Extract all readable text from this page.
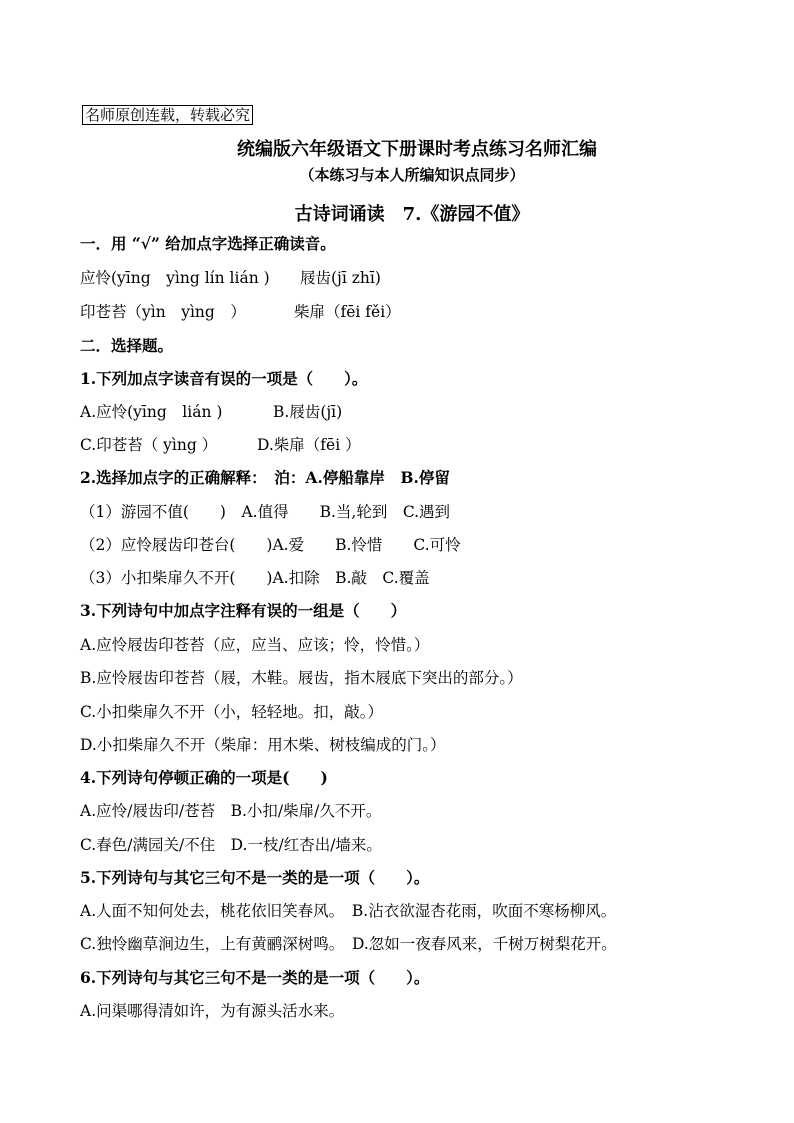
名师原创连载，转载必究
统编版六年级语文下册课时考点练习名师汇编
（本练习与本人所编知识点同步）
古诗词诵读　7.《游园不值》
一．用 “√” 给加点字选择正确读音。
应怜(yīng　yìng lín lián ) 屐齿(jī zhī)
印苍苔（yìn　yìng　）	柴扉（fēi fěi）
二．选择题。
1.下列加点字读音有误的一项是（　　）。
A.应怜(yīng　lián )	B.屐齿(jī)
C.印苍苔（ yìng ）	D.柴扉（fēi ）
2.选择加点字的正确解释：　泊：A.停船靠岸　B.停留
（1）游园不值(　　)　A.值得　　B.当,轮到　C.遇到
（2）应怜屐齿印苍台(　　)A.爱　　B.怜惜　　C.可怜
（3）小扣柴扉久不开(　　)A.扣除　B.敲　C.覆盖
3.下列诗句中加点字注释有误的一组是（　　）
A.应怜屐齿印苍苔（应，应当、应该；怜，怜惜。）
B.应怜屐齿印苍苔（屐，木鞋。屐齿，指木屐底下突出的部分。）
C.小扣柴扉久不开（小，轻轻地。扣，敲。）
D.小扣柴扉久不开（柴扉：用木柴、树枝编成的门。）
4.下列诗句停顿正确的一项是(　　)
A.应怜/屐齿印/苍苔　B.小扣/柴扉/久不开。
C.春色/满园关/不住　D.一枝/红杏出/墙来。
5.下列诗句与其它三句不是一类的是一项（　　）。
A.人面不知何处去，桃花依旧笑春风。　B.沾衣欲湿杏花雨，吹面不寒杨柳风。
C.独怜幽草涧边生，上有黄鹂深树鸣。　D.忽如一夜春风来，千树万树梨花开。
6.下列诗句与其它三句不是一类的是一项（　　）。
A.问渠哪得清如许，为有源头活水来。
